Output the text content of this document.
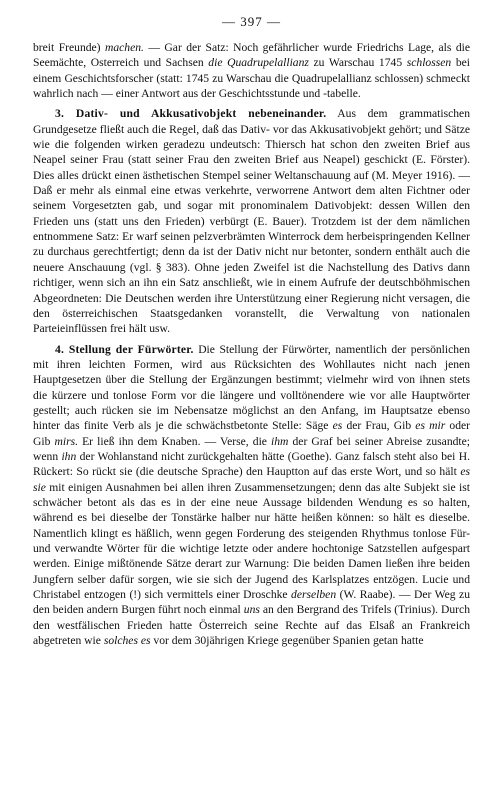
— 397 —

breit Freunde) machen. — Gar der Satz: Noch gefährlicher wurde Friedrichs Lage, als die Seemächte, Osterreich und Sachsen die Quadrupelallianz zu Warschau 1745 schlossen bei einem Geschichtsforscher (statt: 1745 zu Warschau die Quadrupelallianz schlossen) schmeckt wahrlich nach — einer Antwort aus der Geschichtsstunde und -tabelle.

3. Dativ- und Akkusativobjekt nebeneinander. Aus dem grammatischen Grundgesetze fließt auch die Regel, daß das Dativ- vor das Akkusativobjekt gehört; und Sätze wie die folgenden wirken geradezu undeutsch: Thiersch hat schon den zweiten Brief aus Neapel seiner Frau (statt seiner Frau den zweiten Brief aus Neapel) geschickt (E. Förster). Dies alles drückt einen ästhetischen Stempel seiner Weltanschauung auf (M. Meyer 1916). — Daß er mehr als einmal eine etwas verkehrte, verworrene Antwort dem alten Fichtner oder seinem Vorgesetzten gab, und sogar mit pronominalem Dativobjekt: dessen Willen den Frieden uns (statt uns den Frieden) verbürgt (E. Bauer). Trotzdem ist der dem nämlichen entnommene Satz: Er warf seinen pelzverbrämten Winterrock dem herbeispringenden Kellner zu durchaus gerechtfertigt; denn da ist der Dativ nicht nur betonter, sondern enthält auch die neuere Anschauung (vgl. § 383). Ohne jeden Zweifel ist die Nachstellung des Dativs dann richtiger, wenn sich an ihn ein Satz anschließt, wie in einem Aufrufe der deutschböhmischen Abgeordneten: Die Deutschen werden ihre Unterstützung einer Regierung nicht versagen, die den österreichischen Staatsgedanken voranstellt, die Verwaltung von nationalen Parteieinflüssen frei hält usw.

4. Stellung der Fürwörter. Die Stellung der Fürwörter, namentlich der persönlichen mit ihren leichten Formen, wird aus Rücksichten des Wohllautes nicht nach jenen Hauptgesetzen über die Stellung der Ergänzungen bestimmt; vielmehr wird von ihnen stets die kürzere und tonlose Form vor die längere und volltönendere wie vor alle Hauptwörter gestellt; auch rücken sie im Nebensatze möglichst an den Anfang, im Hauptsatze ebenso hinter das finite Verb als je die schwächstbetonte Stelle: Säge es der Frau, Gib es mir oder Gib mirs. Er ließ ihn dem Knaben. — Verse, die ihm der Graf bei seiner Abreise zusandte; wenn ihn der Wohlanstand nicht zurückgehalten hätte (Goethe). Ganz falsch steht also bei H. Rückert: So rückt sie (die deutsche Sprache) den Hauptton auf das erste Wort, und so hält es sie mit einigen Ausnahmen bei allen ihren Zusammensetzungen; denn das alte Subjekt sie ist schwächer betont als das es in der eine neue Aussage bildenden Wendung es so halten, während es bei dieselbe der Tonstärke halber nur hätte heißen können: so hält es dieselbe. Namentlich klingt es häßlich, wenn gegen Forderung des steigenden Rhythmus tonlose Für- und verwandte Wörter für die wichtige letzte oder andere hochtonige Satzstellen aufgespart werden. Einige mißtönende Sätze derart zur Warnung: Die beiden Damen ließen ihre beiden Jungfern selber dafür sorgen, wie sie sich der Jugend des Karlsplatzes entzögen. Lucie und Christabel entzogen (!) sich vermittels einer Droschke derselben (W. Raabe). — Der Weg zu den beiden andern Burgen führt noch einmal uns an den Bergrand des Trifels (Trinius). Durch den westfälischen Frieden hatte Österreich seine Rechte auf das Elsaß an Frankreich abgetreten wie solches es vor dem 30jährigen Kriege gegenüber Spanien getan hatte
